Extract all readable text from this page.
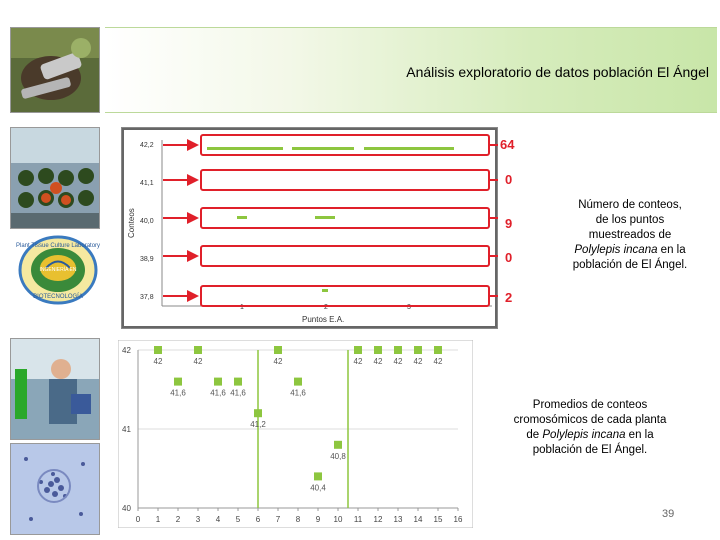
Plant Tissue Culture Laboratory
INGENIERÍA EN
BIOTECNOLOGÍA
Análisis exploratorio de datos población El Ángel
42,2
41,1
40,0
38,9
37,8
1	2	3
Puntos E.A.
Conteos
64
0
9
0
2
Número de conteos,
de los puntos
muestreados de
Polylepis incana en la
población de El Ángel.
42
41
40
0 1 2 3 4 5 6 7 8 9 10 11 12 13 14 15 16
42
41,6
42
41,6 41,6
41,2
42
41,6
40,4
40,8
42 42 42 42 42
Promedios de conteos
cromosómicos de cada planta
de Polylepis incana en la
población de El Ángel.
39
